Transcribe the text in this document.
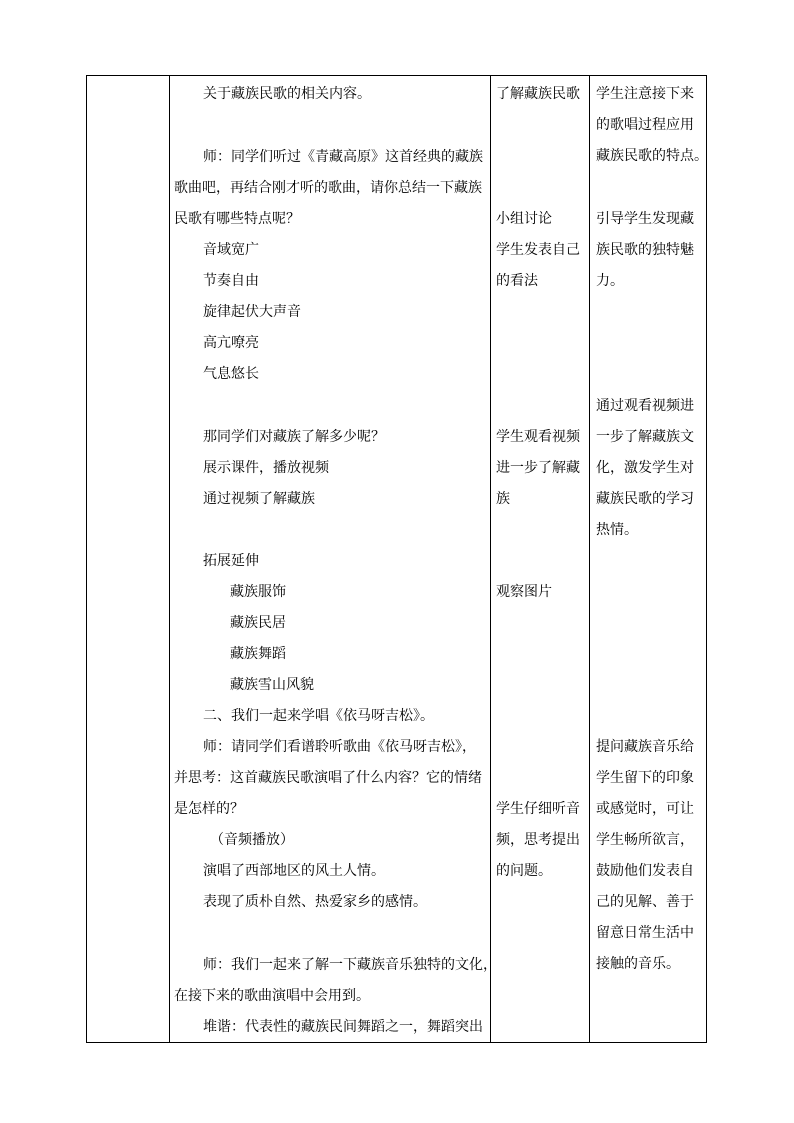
关于藏族民歌的相关内容。
师：同学们听过《青藏高原》这首经典的藏族
歌曲吧，再结合刚才听的歌曲，请你总结一下藏族
民歌有哪些特点呢？
音域宽广
节奏自由
旋律起伏大声音
高亢嘹亮
气息悠长
那同学们对藏族了解多少呢？
展示课件，播放视频
通过视频了解藏族
拓展延伸
藏族服饰
藏族民居
藏族舞蹈
藏族雪山风貌
二、我们一起来学唱《依马呀吉松》。
师：请同学们看谱聆听歌曲《依马呀吉松》，
并思考：这首藏族民歌演唱了什么内容？它的情绪
是怎样的？
（音频播放）
演唱了西部地区的风土人情。
表现了质朴自然、热爱家乡的感情。
师：我们一起来了解一下藏族音乐独特的文化，
在接下来的歌曲演唱中会用到。
堆谐：代表性的藏族民间舞蹈之一，舞蹈突出
了解藏族民歌
小组讨论
学生发表自己
的看法
学生观看视频
进一步了解藏
族
观察图片
学生仔细听音
频，思考提出
的问题。
学生注意接下来
的歌唱过程应用
藏族民歌的特点。
引导学生发现藏
族民歌的独特魅
力。
通过观看视频进
一步了解藏族文
化，激发学生对
藏族民歌的学习
热情。
提问藏族音乐给
学生留下的印象
或感觉时，可让
学生畅所欲言，
鼓励他们发表自
己的见解、善于
留意日常生活中
接触的音乐。
